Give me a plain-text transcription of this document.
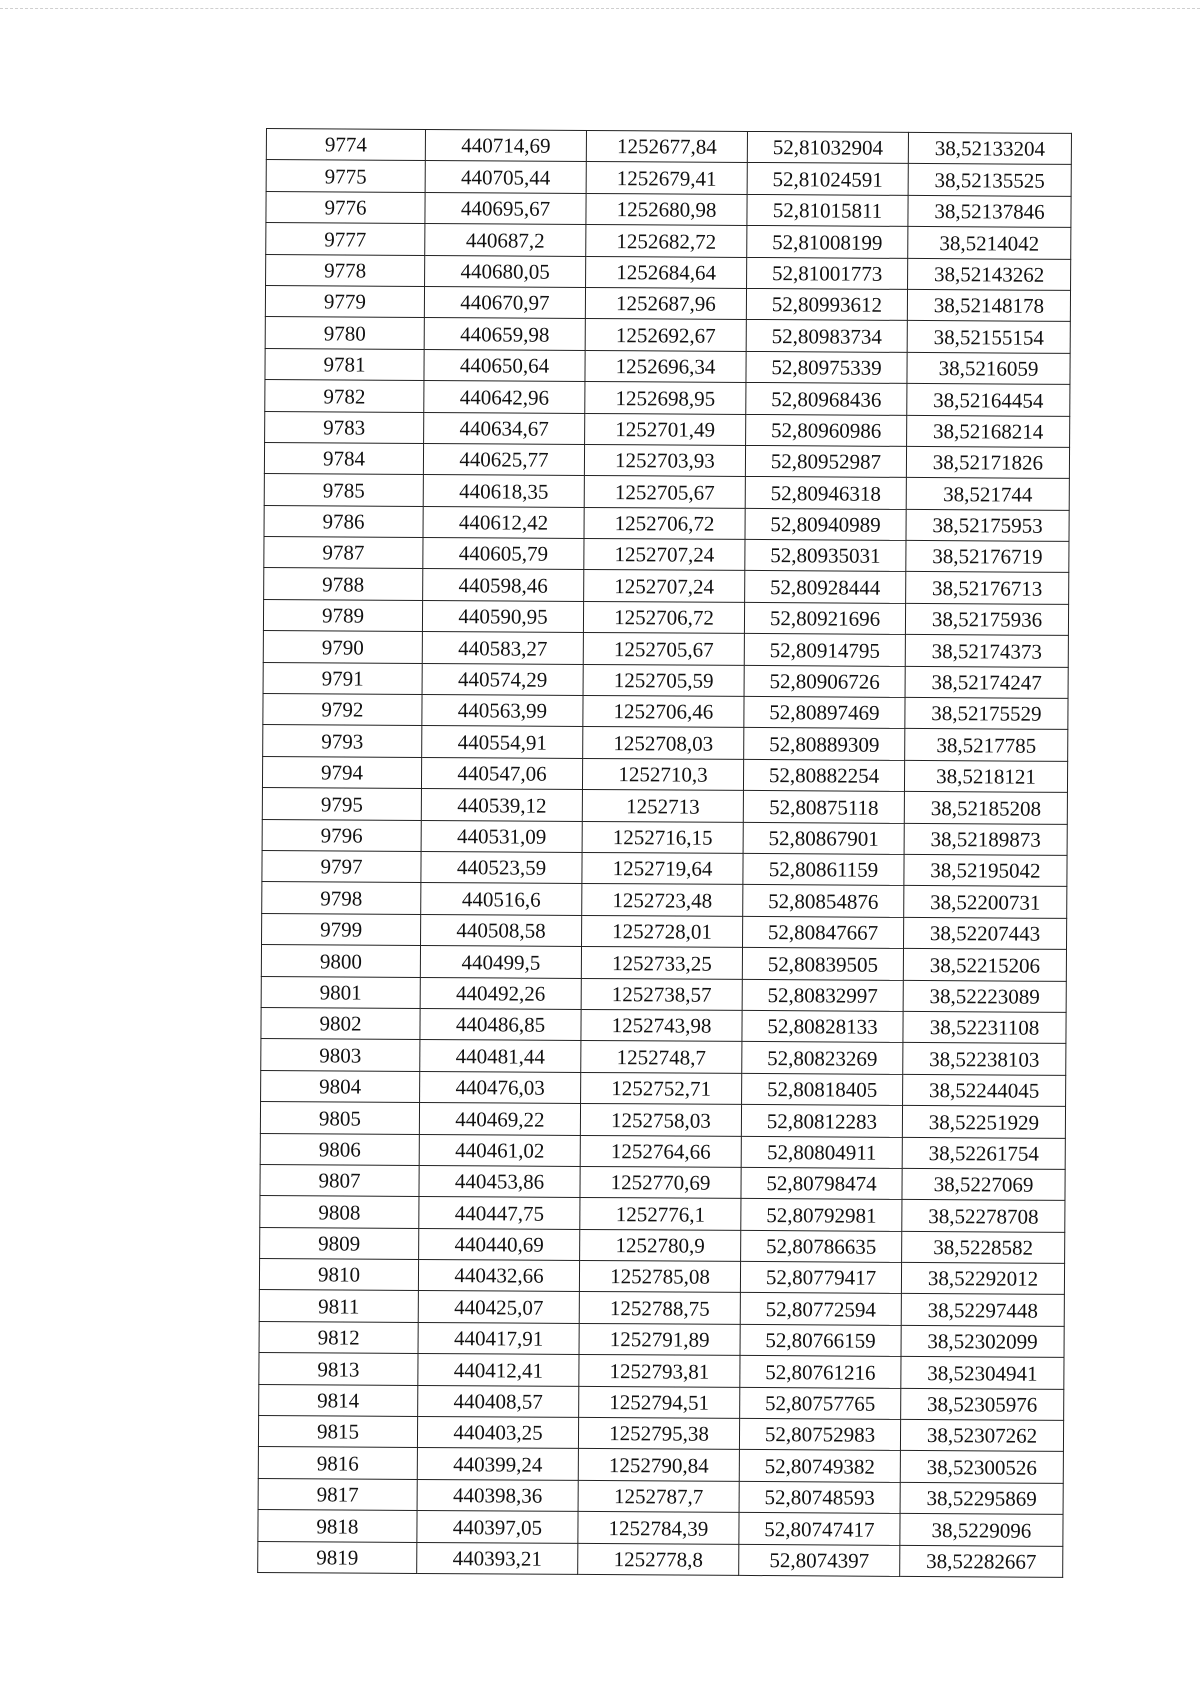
9774	440714,69	1252677,84	52,81032904	38,52133204
9775	440705,44	1252679,41	52,81024591	38,52135525
9776	440695,67	1252680,98	52,81015811	38,52137846
9777	440687,2	1252682,72	52,81008199	38,5214042
9778	440680,05	1252684,64	52,81001773	38,52143262
9779	440670,97	1252687,96	52,80993612	38,52148178
9780	440659,98	1252692,67	52,80983734	38,52155154
9781	440650,64	1252696,34	52,80975339	38,5216059
9782	440642,96	1252698,95	52,80968436	38,52164454
9783	440634,67	1252701,49	52,80960986	38,52168214
9784	440625,77	1252703,93	52,80952987	38,52171826
9785	440618,35	1252705,67	52,80946318	38,521744
9786	440612,42	1252706,72	52,80940989	38,52175953
9787	440605,79	1252707,24	52,80935031	38,52176719
9788	440598,46	1252707,24	52,80928444	38,52176713
9789	440590,95	1252706,72	52,80921696	38,52175936
9790	440583,27	1252705,67	52,80914795	38,52174373
9791	440574,29	1252705,59	52,80906726	38,52174247
9792	440563,99	1252706,46	52,80897469	38,52175529
9793	440554,91	1252708,03	52,80889309	38,5217785
9794	440547,06	1252710,3	52,80882254	38,5218121
9795	440539,12	1252713	52,80875118	38,52185208
9796	440531,09	1252716,15	52,80867901	38,52189873
9797	440523,59	1252719,64	52,80861159	38,52195042
9798	440516,6	1252723,48	52,80854876	38,52200731
9799	440508,58	1252728,01	52,80847667	38,52207443
9800	440499,5	1252733,25	52,80839505	38,52215206
9801	440492,26	1252738,57	52,80832997	38,52223089
9802	440486,85	1252743,98	52,80828133	38,52231108
9803	440481,44	1252748,7	52,80823269	38,52238103
9804	440476,03	1252752,71	52,80818405	38,52244045
9805	440469,22	1252758,03	52,80812283	38,52251929
9806	440461,02	1252764,66	52,80804911	38,52261754
9807	440453,86	1252770,69	52,80798474	38,5227069
9808	440447,75	1252776,1	52,80792981	38,52278708
9809	440440,69	1252780,9	52,80786635	38,5228582
9810	440432,66	1252785,08	52,80779417	38,52292012
9811	440425,07	1252788,75	52,80772594	38,52297448
9812	440417,91	1252791,89	52,80766159	38,52302099
9813	440412,41	1252793,81	52,80761216	38,52304941
9814	440408,57	1252794,51	52,80757765	38,52305976
9815	440403,25	1252795,38	52,80752983	38,52307262
9816	440399,24	1252790,84	52,80749382	38,52300526
9817	440398,36	1252787,7	52,80748593	38,52295869
9818	440397,05	1252784,39	52,80747417	38,5229096
9819	440393,21	1252778,8	52,8074397	38,52282667
